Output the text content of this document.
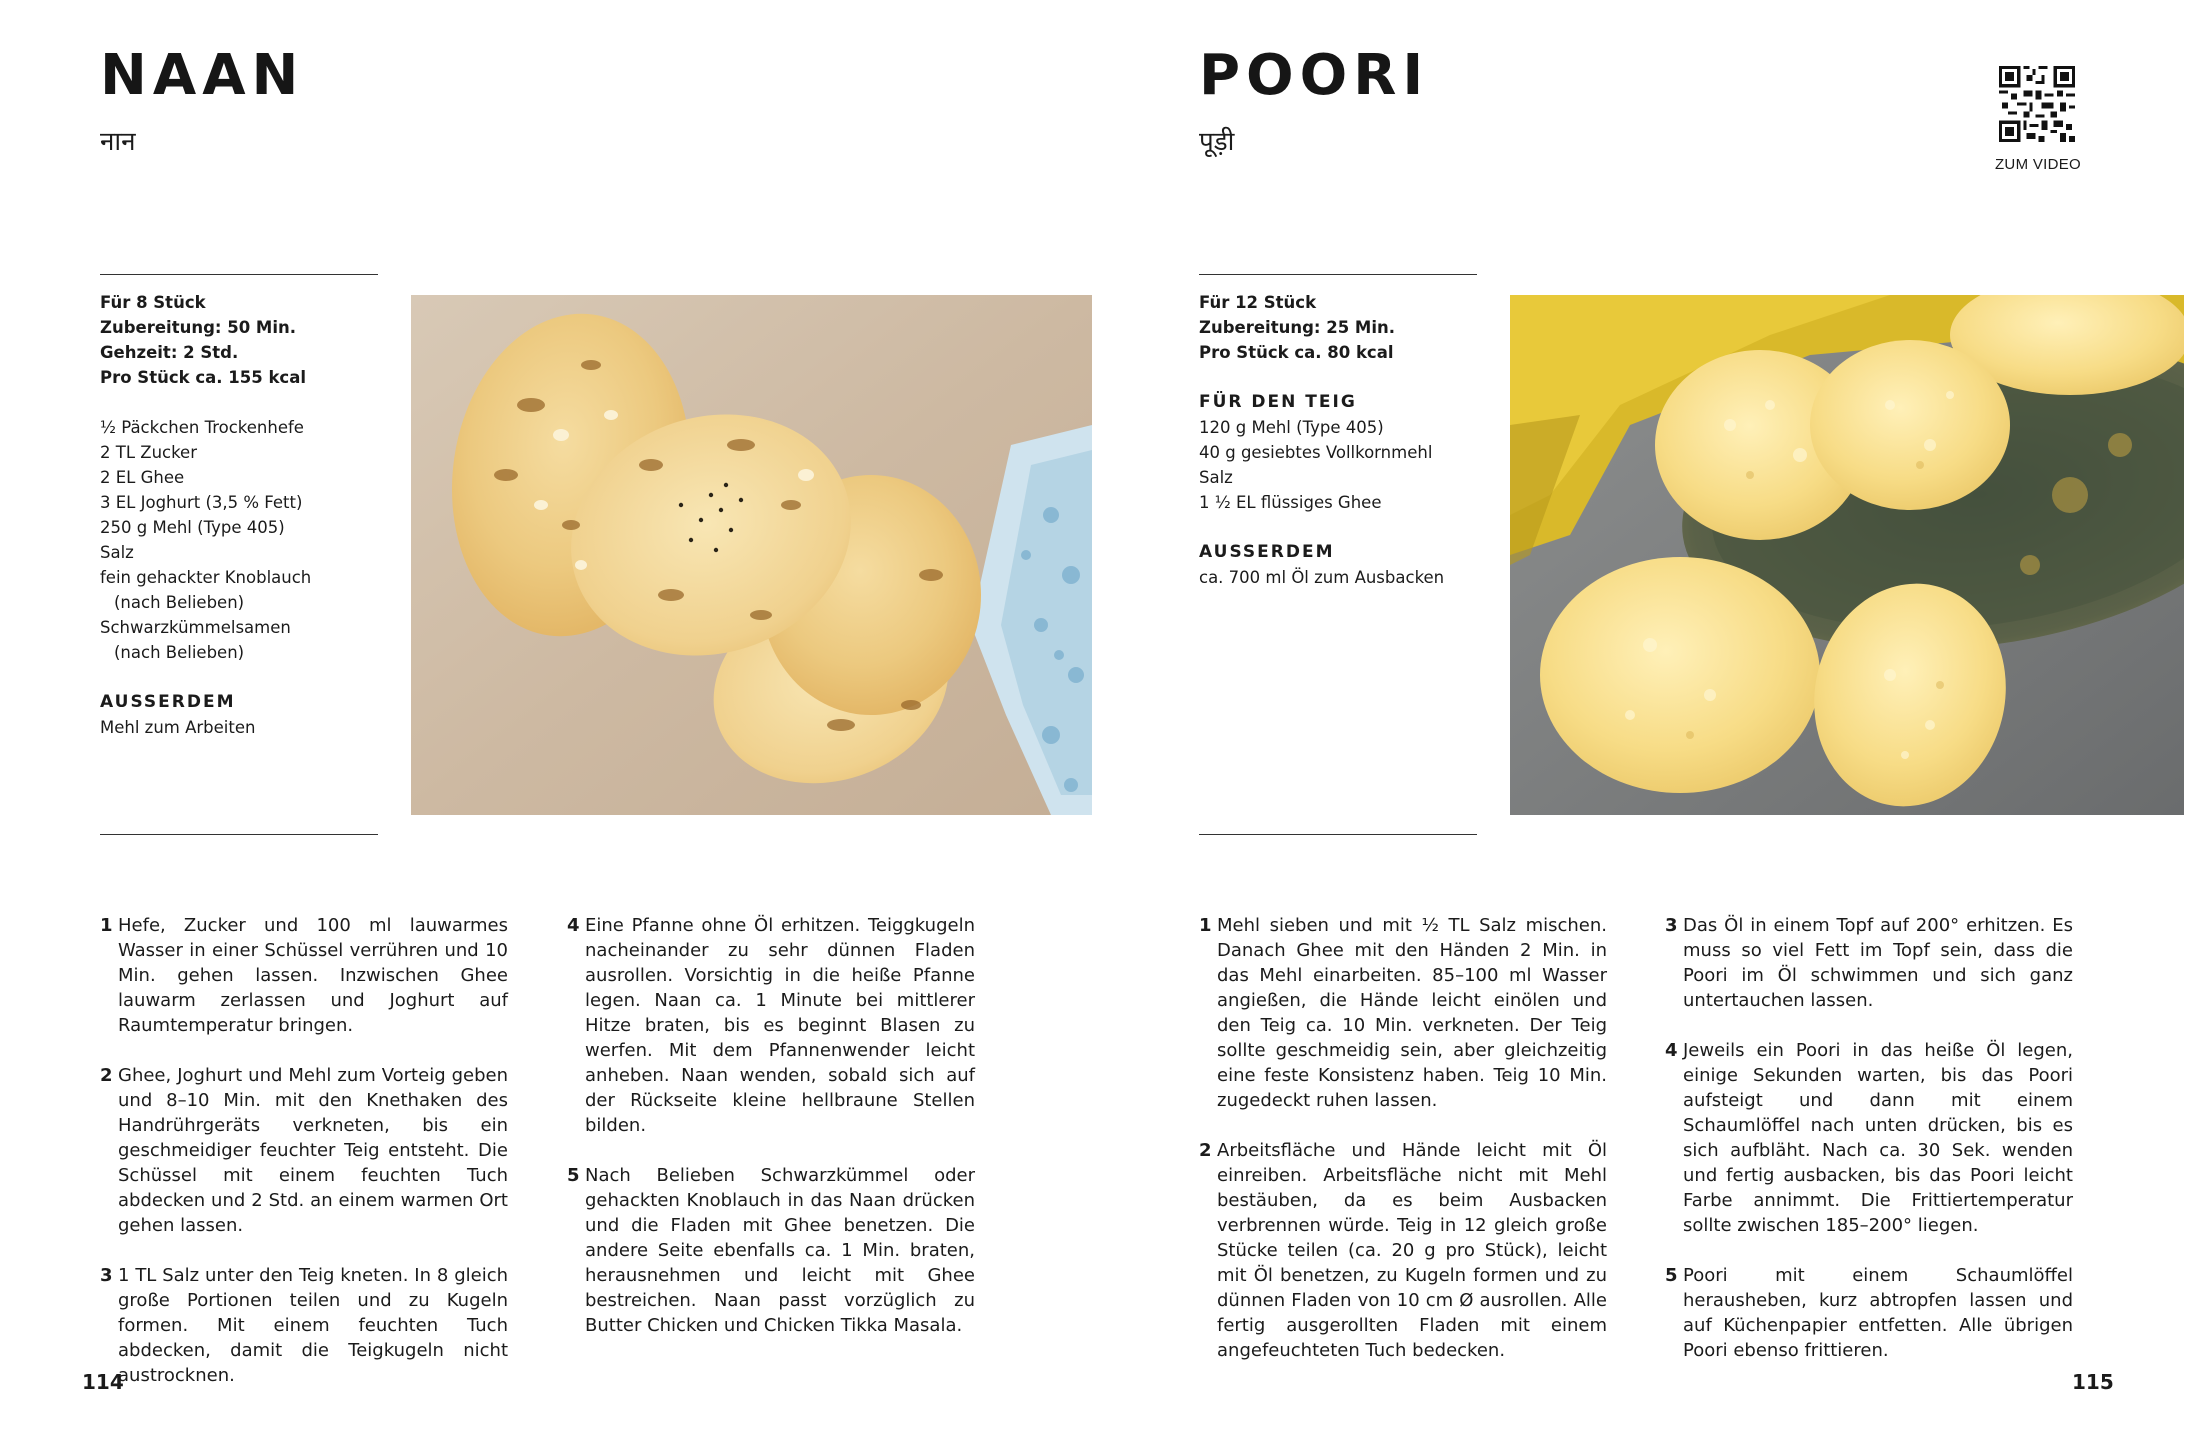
NAAN
नान
Für 8 Stück
Zubereitung: 50 Min.
Gehzeit: 2 Std.
Pro Stück ca. 155 kcal
½ Päckchen Trockenhefe
2 TL Zucker
2 EL Ghee
3 EL Joghurt (3,5 % Fett)
250 g Mehl (Type 405)
Salz
fein gehackter Knoblauch
(nach Belieben)
Schwarzkümmelsamen
(nach Belieben)
AUSSERDEM
Mehl zum Arbeiten
1 Hefe, Zucker und 100 ml lauwarmes Wasser in einer Schüssel verrühren und 10 Min. gehen lassen. Inzwischen Ghee lauwarm zerlassen und Joghurt auf Raumtemperatur bringen.
2 Ghee, Joghurt und Mehl zum Vorteig geben und 8–10 Min. mit den Knethaken des Handrührgeräts verkneten, bis ein geschmeidiger feuchter Teig entsteht. Die Schüssel mit einem feuchten Tuch abdecken und 2 Std. an einem warmen Ort gehen lassen.
3 1 TL Salz unter den Teig kneten. In 8 gleich große Portionen teilen und zu Kugeln formen. Mit einem feuchten Tuch abdecken, damit die Teigkugeln nicht austrocknen.
4 Eine Pfanne ohne Öl erhitzen. Teiggkugeln nacheinander zu sehr dünnen Fladen ausrollen. Vorsichtig in die heiße Pfanne legen. Naan ca. 1 Minute bei mittlerer Hitze braten, bis es beginnt Blasen zu werfen. Mit dem Pfannenwender leicht anheben. Naan wenden, sobald sich auf der Rückseite kleine hellbraune Stellen bilden.
5 Nach Belieben Schwarzkümmel oder gehackten Knoblauch in das Naan drücken und die Fladen mit Ghee benetzen. Die andere Seite ebenfalls ca. 1 Min. braten, herausnehmen und leicht mit Ghee bestreichen. Naan passt vorzüglich zu Butter Chicken und Chicken Tikka Masala.
114
POORI
पूड़ी
Für 12 Stück
Zubereitung: 25 Min.
Pro Stück ca. 80 kcal
FÜR DEN TEIG
120 g Mehl (Type 405)
40 g gesiebtes Vollkornmehl
Salz
1 ½ EL flüssiges Ghee
AUSSERDEM
ca. 700 ml Öl zum Ausbacken
1 Mehl sieben und mit ½ TL Salz mischen. Danach Ghee mit den Händen 2 Min. in das Mehl einarbeiten. 85–100 ml Wasser angießen, die Hände leicht einölen und den Teig ca. 10 Min. verkneten. Der Teig sollte geschmeidig sein, aber gleichzeitig eine feste Konsistenz haben. Teig 10 Min. zugedeckt ruhen lassen.
2 Arbeitsfläche und Hände leicht mit Öl einreiben. Arbeitsfläche nicht mit Mehl bestäuben, da es beim Ausbacken verbrennen würde. Teig in 12 gleich große Stücke teilen (ca. 20 g pro Stück), leicht mit Öl benetzen, zu Kugeln formen und zu dünnen Fladen von 10 cm Ø ausrollen. Alle fertig ausgerollten Fladen mit einem angefeuchteten Tuch bedecken.
3 Das Öl in einem Topf auf 200° erhitzen. Es muss so viel Fett im Topf sein, dass die Poori im Öl schwimmen und sich ganz untertauchen lassen.
4 Jeweils ein Poori in das heiße Öl legen, einige Sekunden warten, bis das Poori aufsteigt und dann mit einem Schaumlöffel nach unten drücken, bis es sich aufbläht. Nach ca. 30 Sek. wenden und fertig ausbacken, bis das Poori leicht Farbe annimmt. Die Frittiertemperatur sollte zwischen 185–200° liegen.
5 Poori mit einem Schaumlöffel herausheben, kurz abtropfen lassen und auf Küchenpapier entfetten. Alle übrigen Poori ebenso frittieren.
115
ZUM VIDEO
